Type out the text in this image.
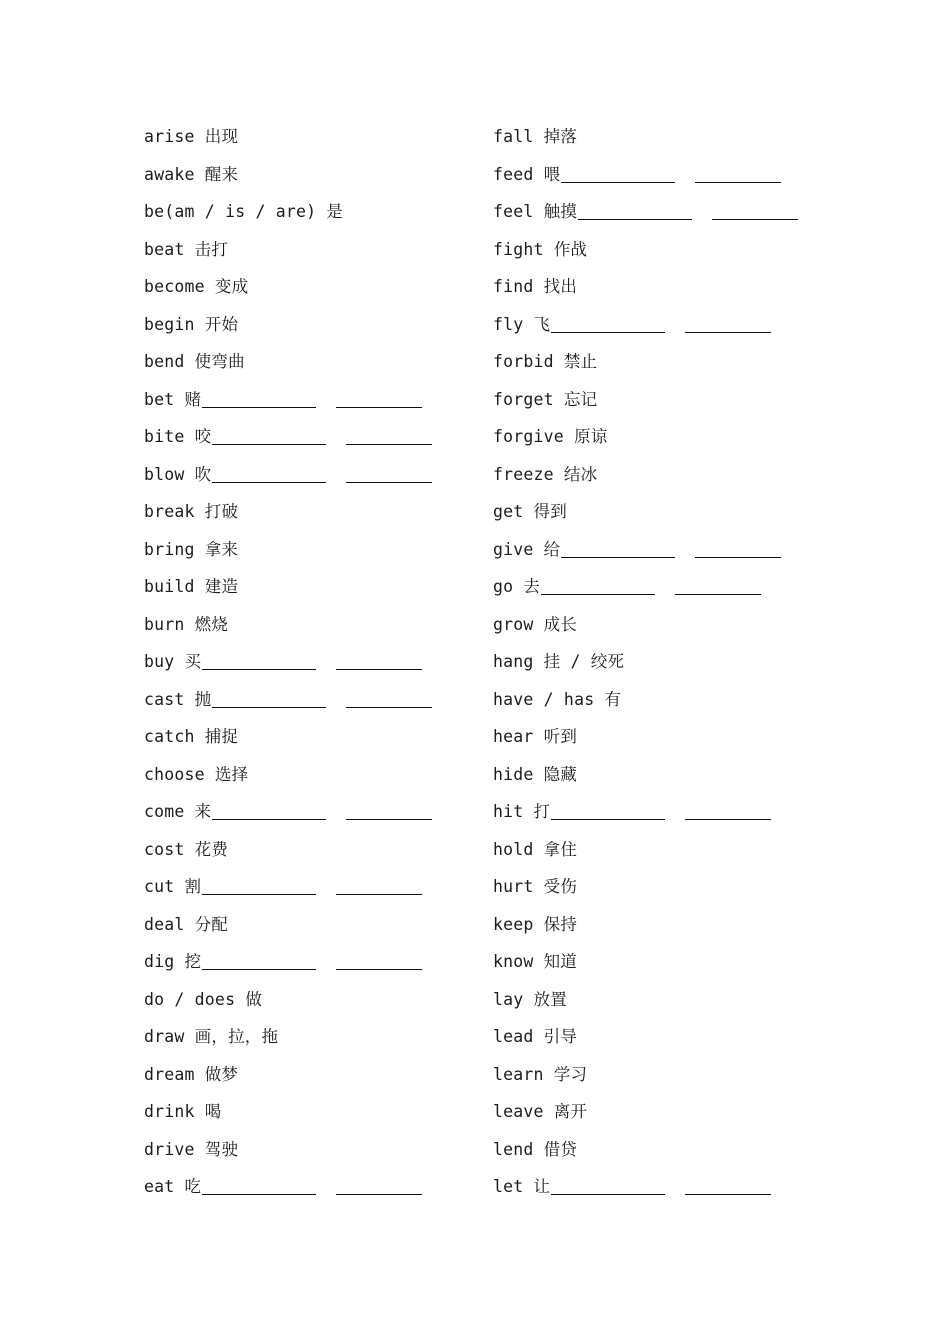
arise 出现
awake 醒来
be(am / is / are) 是
beat 击打
become 变成
begin 开始
bend 使弯曲
bet 赌
bite 咬
blow 吹
break 打破
bring 拿来
build 建造
burn 燃烧
buy 买
cast 抛
catch 捕捉
choose 选择
come 来
cost 花费
cut 割
deal 分配
dig 挖
do / does 做
draw 画，拉，拖
dream 做梦
drink 喝
drive 驾驶
eat 吃
fall 掉落
feed 喂
feel 触摸
fight 作战
find 找出
fly 飞
forbid 禁止
forget 忘记
forgive 原谅
freeze 结冰
get 得到
give 给
go 去
grow 成长
hang 挂 / 绞死
have / has 有
hear 听到
hide 隐藏
hit 打
hold 拿住
hurt 受伤
keep 保持
know 知道
lay 放置
lead 引导
learn 学习
leave 离开
lend 借贷
let 让
